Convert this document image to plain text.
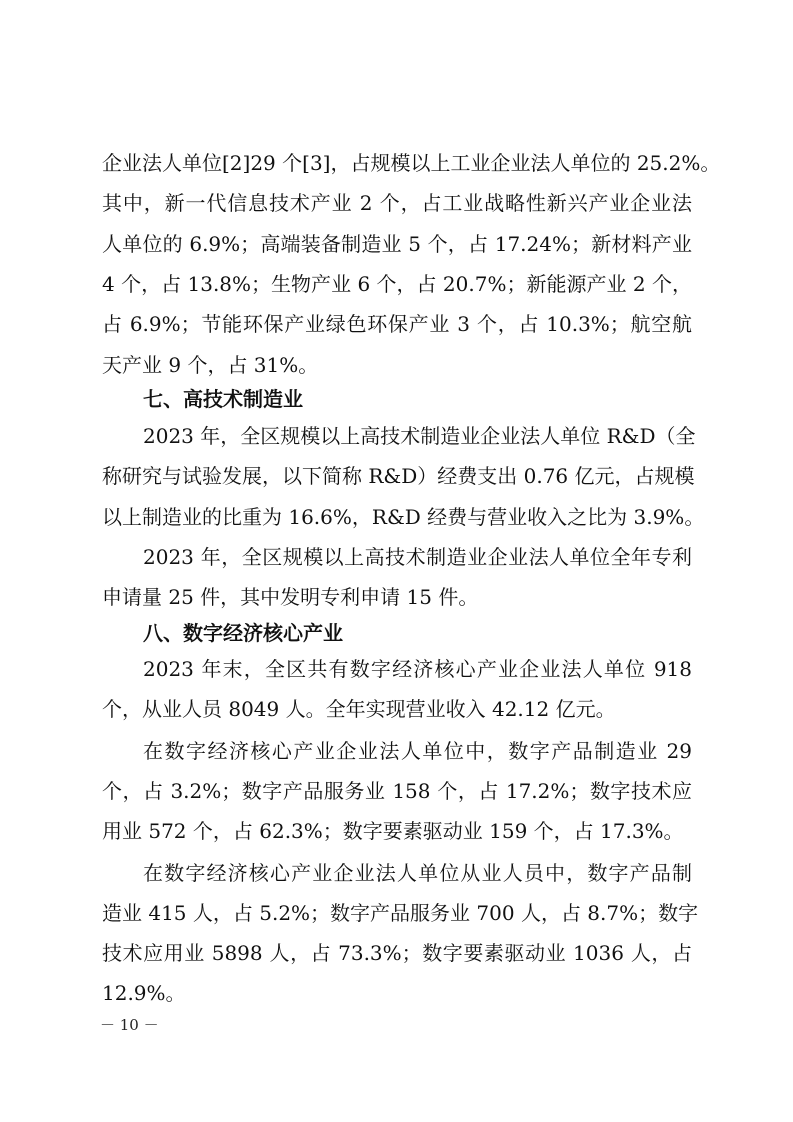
企业法人单位[2]29 个[3]，占规模以上工业企业法人单位的 25.2%。
其中，新一代信息技术产业 2 个，占工业战略性新兴产业企业法
人单位的 6.9%；高端装备制造业 5 个，占 17.24%；新材料产业
4 个，占 13.8%；生物产业 6 个，占 20.7%；新能源产业 2 个，
占 6.9%；节能环保产业绿色环保产业 3 个，占 10.3%；航空航
天产业 9 个，占 31%。
七、高技术制造业
2023 年，全区规模以上高技术制造业企业法人单位 R&D（全
称研究与试验发展，以下简称 R&D）经费支出 0.76 亿元，占规模
以上制造业的比重为 16.6%，R&D 经费与营业收入之比为 3.9%。
2023 年，全区规模以上高技术制造业企业法人单位全年专利
申请量 25 件，其中发明专利申请 15 件。
八、数字经济核心产业
2023 年末，全区共有数字经济核心产业企业法人单位 918
个，从业人员 8049 人。全年实现营业收入 42.12 亿元。
在数字经济核心产业企业法人单位中，数字产品制造业 29
个，占 3.2%；数字产品服务业 158 个，占 17.2%；数字技术应
用业 572 个，占 62.3%；数字要素驱动业 159 个，占 17.3%。
在数字经济核心产业企业法人单位从业人员中，数字产品制
造业 415 人，占 5.2%；数字产品服务业 700 人，占 8.7%；数字
技术应用业 5898 人，占 73.3%；数字要素驱动业 1036 人，占
12.9%。
－ 10 －
